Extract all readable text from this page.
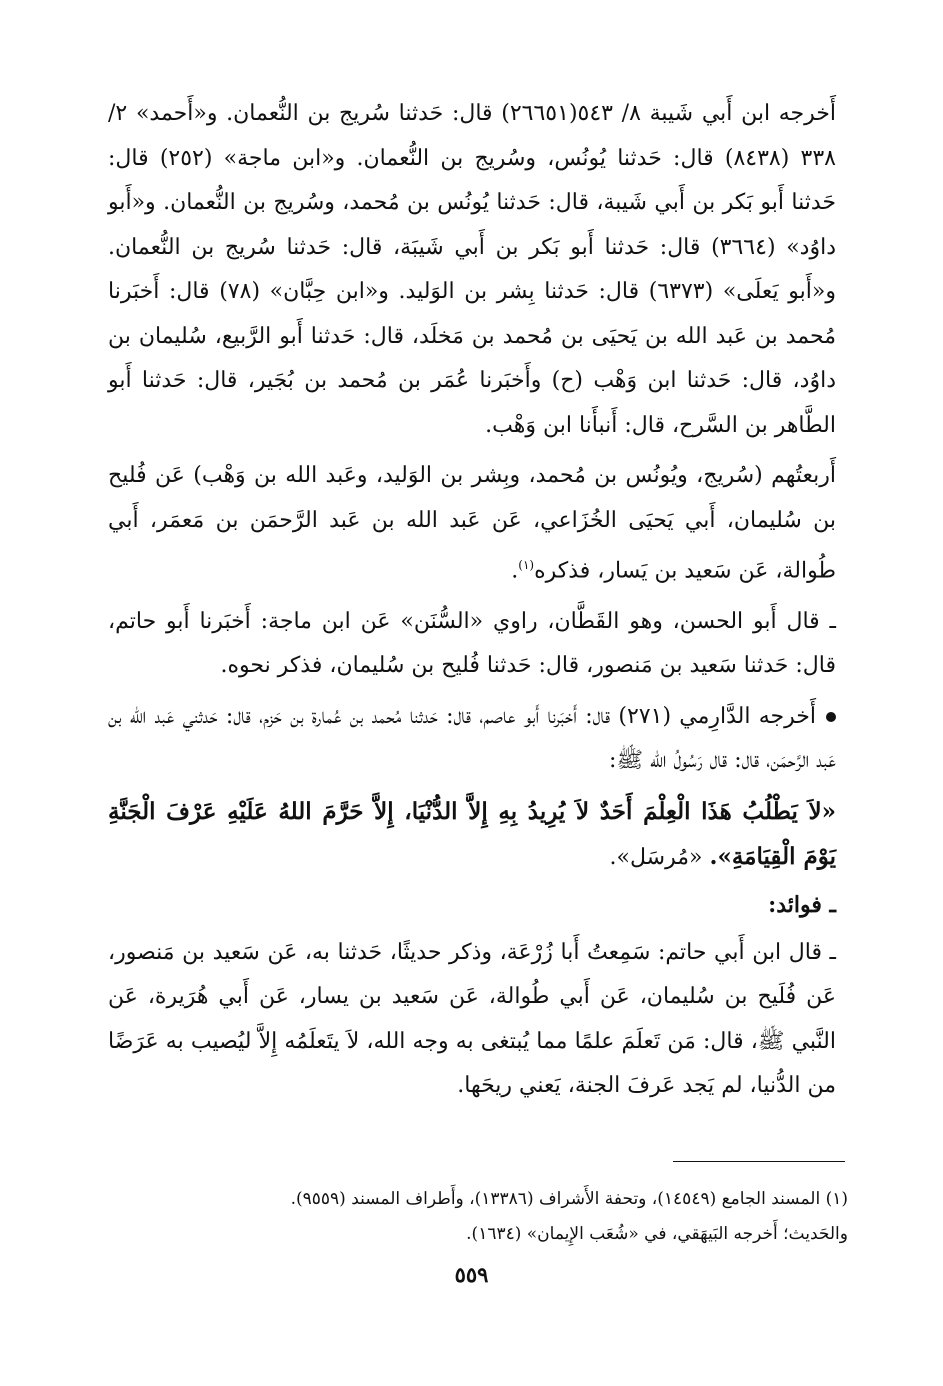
أَخرجه ابن أَبي شَيبة ٨/ ٥٤٣(٢٦٦٥١) قال: حَدثنا سُريج بن النُّعمان. و«أَحمد» ٢/ ٣٣٨ (٨٤٣٨) قال: حَدثنا يُونُس، وسُريج بن النُّعمان. و«ابن ماجة» (٢٥٢) قال: حَدثنا أَبو بَكر بن أَبي شَيبة، قال: حَدثنا يُونُس بن مُحمد، وسُريج بن النُّعمان. و«أَبو داوُد» (٣٦٦٤) قال: حَدثنا أَبو بَكر بن أَبي شَيبَة، قال: حَدثنا سُريج بن النُّعمان. و«أَبو يَعلَى» (٦٣٧٣) قال: حَدثنا بِشر بن الوَليد. و«ابن حِبَّان» (٧٨) قال: أَخبَرنا مُحمد بن عَبد الله بن يَحيَى بن مُحمد بن مَخلَد، قال: حَدثنا أَبو الرَّبيع، سُليمان بن داوُد، قال: حَدثنا ابن وَهْب (ح) وأَخبَرنا عُمَر بن مُحمد بن بُجَير، قال: حَدثنا أَبو الطَّاهر بن السَّرح، قال: أَنبأَنا ابن وَهْب.

أَربعتُهم (سُريج، ويُونُس بن مُحمد، وبِشر بن الوَليد، وعَبد الله بن وَهْب) عَن فُليح بن سُليمان، أَبي يَحيَى الخُزَاعي، عَن عَبد الله بن عَبد الرَّحمَن بن مَعمَر، أَبي طُوالة، عَن سَعيد بن يَسار، فذكره$^{(١)}$.

ـ قال أَبو الحسن، وهو القَطَّان، راوي «السُّنَن» عَن ابن ماجة: أَخبَرنا أَبو حاتم، قال: حَدثنا سَعيد بن مَنصور، قال: حَدثنا فُليح بن سُليمان، فذكر نحوه.

أَخرجه الدَّارِمي (٢٧١) قال: أَخبَرنا أَبو عاصم، قال: حَدثنا مُحمد بن عُمارة بن حَزم، قال: حَدثني عَبد الله بن عَبد الرَّحمَن، قال: قال رَسُولُ الله ﷺ:

«لاَ يَطْلُبُ هَذَا الْعِلْمَ أَحَدٌ لاَ يُرِيدُ بِهِ إِلاَّ الدُّنْيَا، إِلاَّ حَرَّمَ اللهُ عَلَيْهِ عَرْفَ الْجَنَّةِ يَوْمَ الْقِيَامَةِ». «مُرسَل».

ـ فوائد:

ـ قال ابن أَبي حاتم: سَمِعتُ أَبا زُرْعَة، وذكر حديثًا، حَدثنا به، عَن سَعيد بن مَنصور، عَن فُلَيح بن سُليمان، عَن أَبي طُوالة، عَن سَعيد بن يسار، عَن أَبي هُرَيرة، عَن النَّبي ﷺ، قال: مَن تَعلَمَ علمًا مما يُبتغى به وجه الله، لاَ يتَعلَمُه إِلاَّ ليُصيب به عَرَضًا من الدُّنيا، لم يَجد عَرفَ الجنة، يَعني ريحَها.

(١) المسند الجامع (١٤٥٤٩)، وتحفة الأَشراف (١٣٣٨٦)، وأَطراف المسند (٩٥٥٩).

والحَديث؛ أَخرجه البَيهَقي، في «شُعَب الإِيمان» (١٦٣٤).

٥٥٩
